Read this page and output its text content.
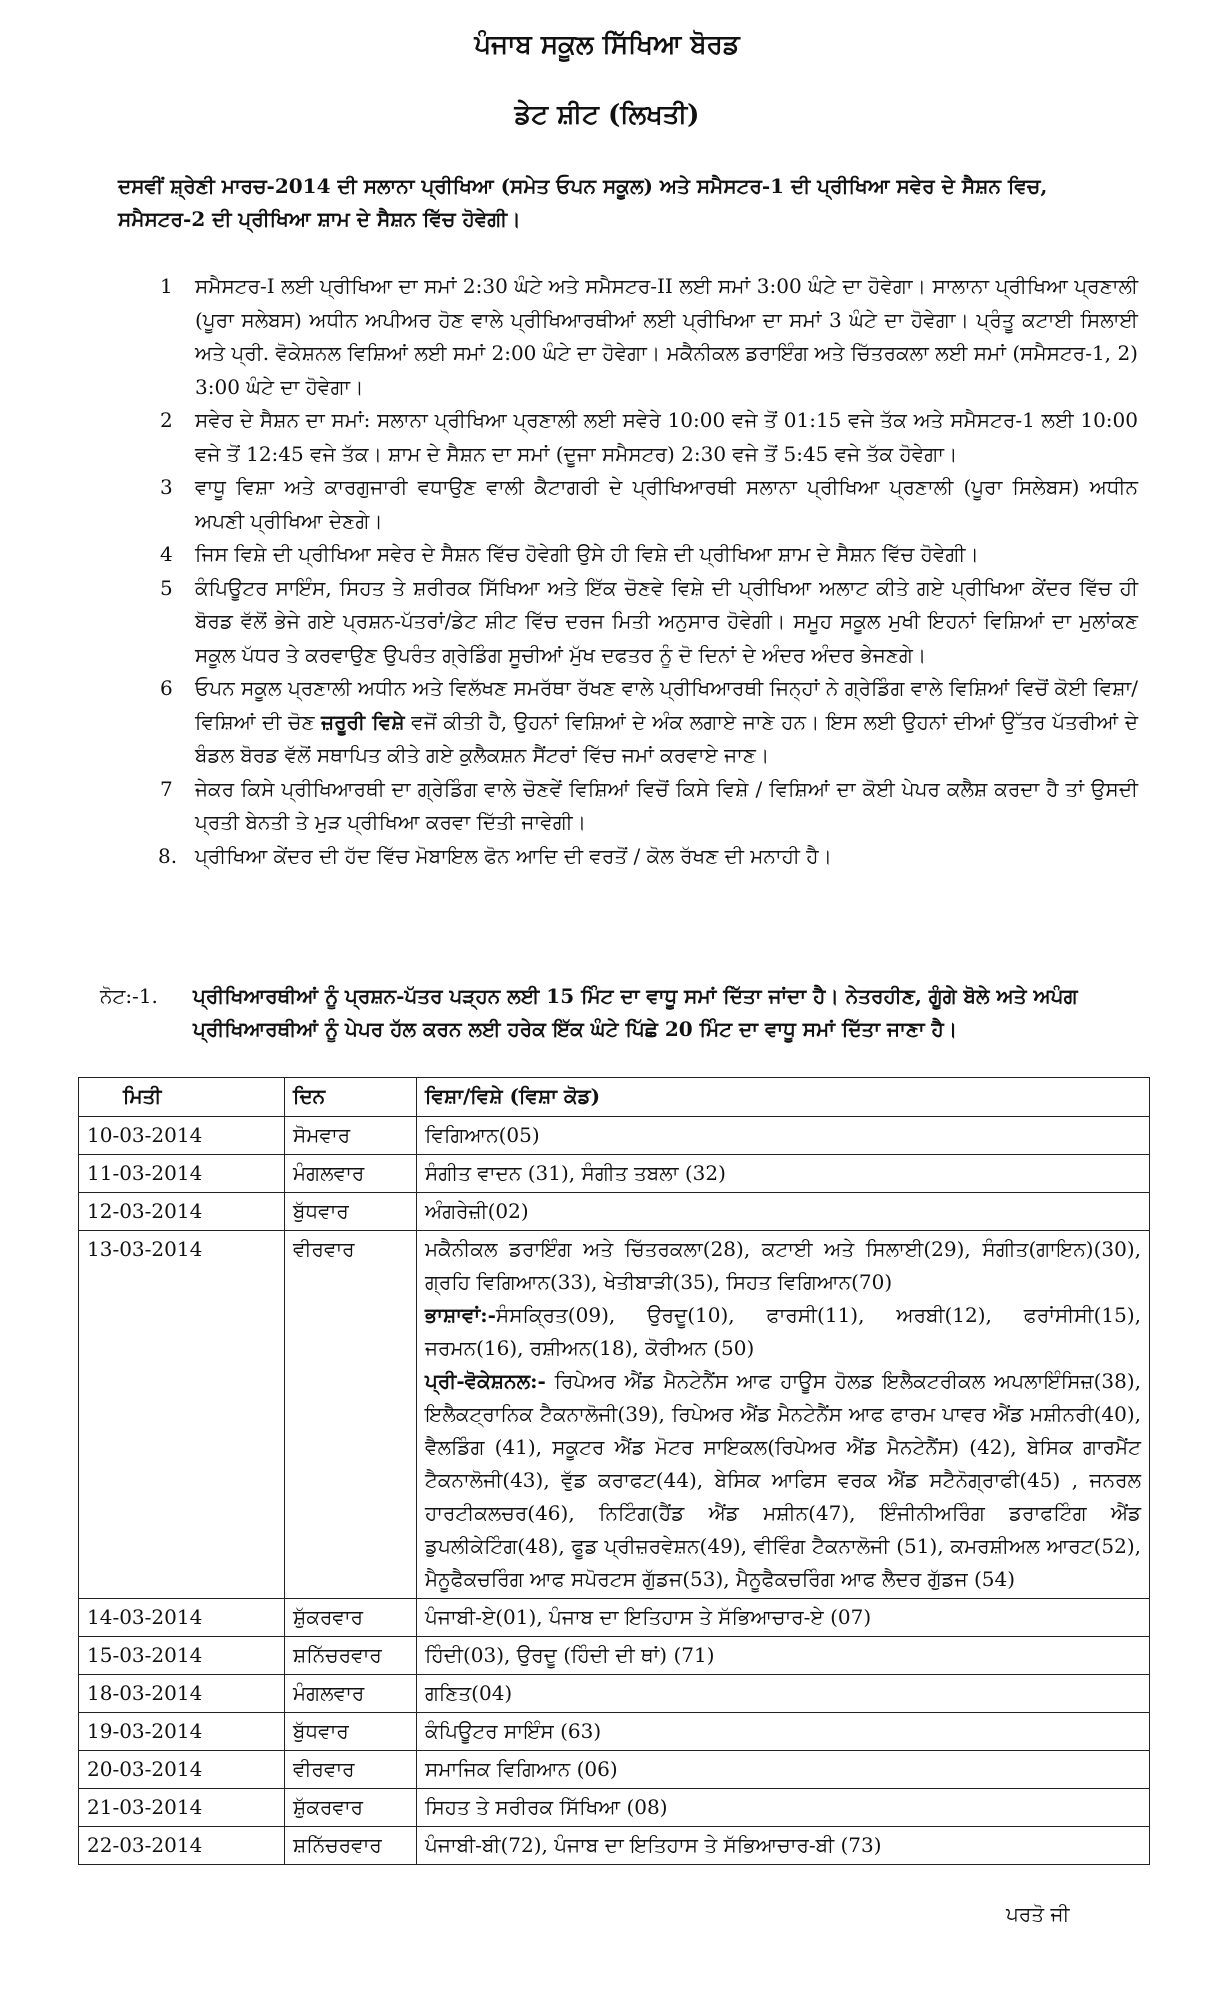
ਪੰਜਾਬ ਸਕੂਲ ਸਿੱਖਿਆ ਬੋਰਡ
ਡੇਟ ਸ਼ੀਟ (ਲਿਖਤੀ)
ਦਸਵੀਂ ਸ਼੍ਰੇਣੀ ਮਾਰਚ-2014 ਦੀ ਸਲਾਨਾ ਪ੍ਰੀਖਿਆ (ਸਮੇਤ ਓਪਨ ਸਕੂਲ) ਅਤੇ ਸਮੈਸਟਰ-1 ਦੀ ਪ੍ਰੀਖਿਆ ਸਵੇਰ ਦੇ ਸੈਸ਼ਨ ਵਿਚ, ਸਮੈਸਟਰ-2 ਦੀ ਪ੍ਰੀਖਿਆ ਸ਼ਾਮ ਦੇ ਸੈਸ਼ਨ ਵਿੱਚ ਹੋਵੇਗੀ।
1 ਸਮੈਸਟਰ-I ਲਈ ਪ੍ਰੀਖਿਆ ਦਾ ਸਮਾਂ 2:30 ਘੰਟੇ ਅਤੇ ਸਮੈਸਟਰ-II ਲਈ ਸਮਾਂ 3:00 ਘੰਟੇ ਦਾ ਹੋਵੇਗਾ। ਸਾਲਾਨਾ ਪ੍ਰੀਖਿਆ ਪ੍ਰਣਾਲੀ (ਪੂਰਾ ਸਲੇਬਸ) ਅਧੀਨ ਅਪੀਅਰ ਹੋਣ ਵਾਲੇ ਪ੍ਰੀਖਿਆਰਥੀਆਂ ਲਈ ਪ੍ਰੀਖਿਆ ਦਾ ਸਮਾਂ 3 ਘੰਟੇ ਦਾ ਹੋਵੇਗਾ। ਪ੍ਰੰਤੂ ਕਟਾਈ ਸਿਲਾਈ ਅਤੇ ਪ੍ਰੀ. ਵੋਕੇਸ਼ਨਲ ਵਿਸ਼ਿਆਂ ਲਈ ਸਮਾਂ 2:00 ਘੰਟੇ ਦਾ ਹੋਵੇਗਾ। ਮਕੈਨੀਕਲ ਡਰਾਇੰਗ ਅਤੇ ਚਿੱਤਰਕਲਾ ਲਈ ਸਮਾਂ (ਸਮੈਸਟਰ-1, 2) 3:00 ਘੰਟੇ ਦਾ ਹੋਵੇਗਾ।
2 ਸਵੇਰ ਦੇ ਸੈਸ਼ਨ ਦਾ ਸਮਾਂ: ਸਲਾਨਾ ਪ੍ਰੀਖਿਆ ਪ੍ਰਣਾਲੀ ਲਈ ਸਵੇਰੇ 10:00 ਵਜੇ ਤੋਂ 01:15 ਵਜੇ ਤੱਕ ਅਤੇ ਸਮੈਸਟਰ-1 ਲਈ 10:00 ਵਜੇ ਤੋਂ 12:45 ਵਜੇ ਤੱਕ। ਸ਼ਾਮ ਦੇ ਸੈਸ਼ਨ ਦਾ ਸਮਾਂ (ਦੂਜਾ ਸਮੈਸਟਰ) 2:30 ਵਜੇ ਤੋਂ 5:45 ਵਜੇ ਤੱਕ ਹੋਵੇਗਾ।
3 ਵਾਧੂ ਵਿਸ਼ਾ ਅਤੇ ਕਾਰਗੁਜਾਰੀ ਵਧਾਉਣ ਵਾਲੀ ਕੈਟਾਗਰੀ ਦੇ ਪ੍ਰੀਖਿਆਰਥੀ ਸਲਾਨਾ ਪ੍ਰੀਖਿਆ ਪ੍ਰਣਾਲੀ (ਪੂਰਾ ਸਿਲੇਬਸ) ਅਧੀਨ ਅਪਣੀ ਪ੍ਰੀਖਿਆ ਦੇਣਗੇ।
4 ਜਿਸ ਵਿਸ਼ੇ ਦੀ ਪ੍ਰੀਖਿਆ ਸਵੇਰ ਦੇ ਸੈਸ਼ਨ ਵਿੱਚ ਹੋਵੇਗੀ ਉਸੇ ਹੀ ਵਿਸ਼ੇ ਦੀ ਪ੍ਰੀਖਿਆ ਸ਼ਾਮ ਦੇ ਸੈਸ਼ਨ ਵਿੱਚ ਹੋਵੇਗੀ।
5 ਕੰਪਿਊਟਰ ਸਾਇੰਸ, ਸਿਹਤ ਤੇ ਸ਼ਰੀਰਕ ਸਿੱਖਿਆ ਅਤੇ ਇੱਕ ਚੋਣਵੇ ਵਿਸ਼ੇ ਦੀ ਪ੍ਰੀਖਿਆ ਅਲਾਟ ਕੀਤੇ ਗਏ ਪ੍ਰੀਖਿਆ ਕੇਂਦਰ ਵਿੱਚ ਹੀ ਬੋਰਡ ਵੱਲੋਂ ਭੇਜੇ ਗਏ ਪ੍ਰਸ਼ਨ-ਪੱਤਰਾਂ/ਡੇਟ ਸ਼ੀਟ ਵਿੱਚ ਦਰਜ ਮਿਤੀ ਅਨੁਸਾਰ ਹੋਵੇਗੀ। ਸਮੂਹ ਸਕੂਲ ਮੁਖੀ ਇਹਨਾਂ ਵਿਸ਼ਿਆਂ ਦਾ ਮੁਲਾਂਕਣ ਸਕੂਲ ਪੱਧਰ ਤੇ ਕਰਵਾਉਣ ਉਪਰੰਤ ਗ੍ਰੇਡਿੰਗ ਸੂਚੀਆਂ ਮੁੱਖ ਦਫਤਰ ਨੂੰ ਦੋ ਦਿਨਾਂ ਦੇ ਅੰਦਰ ਅੰਦਰ ਭੇਜਣਗੇ।
6 ਓਪਨ ਸਕੂਲ ਪ੍ਰਣਾਲੀ ਅਧੀਨ ਅਤੇ ਵਿਲੱਖਣ ਸਮਰੱਥਾ ਰੱਖਣ ਵਾਲੇ ਪ੍ਰੀਖਿਆਰਥੀ ਜਿਨ੍ਹਾਂ ਨੇ ਗ੍ਰੇਡਿੰਗ ਵਾਲੇ ਵਿਸ਼ਿਆਂ ਵਿਚੋਂ ਕੋਈ ਵਿਸ਼ਾ/ਵਿਸ਼ਿਆਂ ਦੀ ਚੋਣ ਜ਼ਰੂਰੀ ਵਿਸ਼ੇ ਵਜੋਂ ਕੀਤੀ ਹੈ, ਉਹਨਾਂ ਵਿਸ਼ਿਆਂ ਦੇ ਅੰਕ ਲਗਾਏ ਜਾਣੇ ਹਨ। ਇਸ ਲਈ ਉਹਨਾਂ ਦੀਆਂ ਉੱਤਰ ਪੱਤਰੀਆਂ ਦੇ ਬੰਡਲ ਬੋਰਡ ਵੱਲੋਂ ਸਥਾਪਿਤ ਕੀਤੇ ਗਏ ਕੁਲੈਕਸ਼ਨ ਸੈਂਟਰਾਂ ਵਿੱਚ ਜਮਾਂ ਕਰਵਾਏ ਜਾਣ।
7 ਜੇਕਰ ਕਿਸੇ ਪ੍ਰੀਖਿਆਰਥੀ ਦਾ ਗ੍ਰੇਡਿੰਗ ਵਾਲੇ ਚੋਣਵੇਂ ਵਿਸ਼ਿਆਂ ਵਿਚੋਂ ਕਿਸੇ ਵਿਸ਼ੇ / ਵਿਸ਼ਿਆਂ ਦਾ ਕੋਈ ਪੇਪਰ ਕਲੈਸ਼ ਕਰਦਾ ਹੈ ਤਾਂ ਉਸਦੀ ਪ੍ਰਤੀ ਬੇਨਤੀ ਤੇ ਮੁੜ ਪ੍ਰੀਖਿਆ ਕਰਵਾ ਦਿੱਤੀ ਜਾਵੇਗੀ।
8. ਪ੍ਰੀਖਿਆ ਕੇਂਦਰ ਦੀ ਹੱਦ ਵਿੱਚ ਮੋਬਾਇਲ ਫੋਨ ਆਦਿ ਦੀ ਵਰਤੋਂ / ਕੋਲ ਰੱਖਣ ਦੀ ਮਨਾਹੀ ਹੈ।
ਨੋਟ:-1.	ਪ੍ਰੀਖਿਆਰਥੀਆਂ ਨੂੰ ਪ੍ਰਸ਼ਨ-ਪੱਤਰ ਪੜ੍ਹਨ ਲਈ 15 ਮਿੰਟ ਦਾ ਵਾਧੂ ਸਮਾਂ ਦਿੱਤਾ ਜਾਂਦਾ ਹੈ। ਨੇਤਰਹੀਣ, ਗੂੰਗੇ ਬੋਲੇ ਅਤੇ ਅਪੰਗ ਪ੍ਰੀਖਿਆਰਥੀਆਂ ਨੂੰ ਪੇਪਰ ਹੱਲ ਕਰਨ ਲਈ ਹਰੇਕ ਇੱਕ ਘੰਟੇ ਪਿੱਛੇ 20 ਮਿੰਟ ਦਾ ਵਾਧੂ ਸਮਾਂ ਦਿੱਤਾ ਜਾਣਾ ਹੈ।
ਮਿਤੀ	ਦਿਨ	ਵਿਸ਼ਾ/ਵਿਸ਼ੇ (ਵਿਸ਼ਾ ਕੋਡ)
10-03-2014	ਸੋਮਵਾਰ	ਵਿਗਿਆਨ(05)
11-03-2014	ਮੰਗਲਵਾਰ	ਸੰਗੀਤ ਵਾਦਨ (31), ਸੰਗੀਤ ਤਬਲਾ (32)
12-03-2014	ਬੁੱਧਵਾਰ	ਅੰਗਰੇਜ਼ੀ(02)
13-03-2014	ਵੀਰਵਾਰ	ਮਕੈਨੀਕਲ ਡਰਾਇੰਗ ਅਤੇ ਚਿੱਤਰਕਲਾ(28), ਕਟਾਈ ਅਤੇ ਸਿਲਾਈ(29), ਸੰਗੀਤ(ਗਾਇਨ)(30), ਗ੍ਰਹਿ ਵਿਗਿਆਨ(33), ਖੇਤੀਬਾੜੀ(35), ਸਿਹਤ ਵਿਗਿਆਨ(70)
ਭਾਸ਼ਾਵਾਂ:-ਸੰਸਕ੍ਰਿਤ(09), ਉਰਦੂ(10), ਫਾਰਸੀ(11), ਅਰਬੀ(12), ਫਰਾਂਸੀਸੀ(15), ਜਰਮਨ(16), ਰਸ਼ੀਅਨ(18), ਕੋਰੀਅਨ (50)
ਪ੍ਰੀ-ਵੋਕੇਸ਼ਨਲ:- ਰਿਪੇਅਰ ਐਂਡ ਮੈਨਟੇਨੈਂਸ ਆਫ ਹਾਊਸ ਹੋਲਡ ਇਲੈਕਟਰੀਕਲ ਅਪਲਾਇੰਸਿਜ਼(38), ਇਲੈਕਟ੍ਰਾਨਿਕ ਟੈਕਨਾਲੋਜੀ(39), ਰਿਪੇਅਰ ਐਂਡ ਮੈਨਟੇਨੈਂਸ ਆਫ ਫਾਰਮ ਪਾਵਰ ਐਂਡ ਮਸ਼ੀਨਰੀ(40), ਵੈਲਡਿੰਗ (41), ਸਕੂਟਰ ਐਂਡ ਮੋਟਰ ਸਾਇਕਲ(ਰਿਪੇਅਰ ਐਂਡ ਮੈਨਟੇਨੈਂਸ) (42), ਬੇਸਿਕ ਗਾਰਮੈਂਟ ਟੈਕਨਾਲੋਜੀ(43), ਵੁੱਡ ਕਰਾਫਟ(44), ਬੇਸਿਕ ਆਫਿਸ ਵਰਕ ਐਂਡ ਸਟੈਨੋਗ੍ਰਾਫੀ(45) , ਜਨਰਲ ਹਾਰਟੀਕਲਚਰ(46), ਨਿਟਿੰਗ(ਹੈਂਡ ਐਂਡ ਮਸ਼ੀਨ(47), ਇੰਜੀਨੀਅਰਿੰਗ ਡਰਾਫਟਿੰਗ ਐਂਡ ਡੁਪਲੀਕੇਟਿੰਗ(48), ਫੂਡ ਪ੍ਰੀਜ਼ਰਵੇਸ਼ਨ(49), ਵੀਵਿੰਗ ਟੈਕਨਾਲੋਜੀ (51), ਕਮਰਸ਼ੀਅਲ ਆਰਟ(52), ਮੈਨੂਫੈਕਚਰਿੰਗ ਆਫ ਸਪੋਰਟਸ ਗੁੱਡਜ(53), ਮੈਨੂਫੈਕਚਰਿੰਗ ਆਫ ਲੈਦਰ ਗੁੱਡਜ (54)

14-03-2014	ਸ਼ੁੱਕਰਵਾਰ	ਪੰਜਾਬੀ-ਏ(01), ਪੰਜਾਬ ਦਾ ਇਤਿਹਾਸ ਤੇ ਸੱਭਿਆਚਾਰ-ਏ (07)
15-03-2014	ਸ਼ਨਿੱਚਰਵਾਰ	ਹਿੰਦੀ(03), ਉਰਦੂ (ਹਿੰਦੀ ਦੀ ਥਾਂ) (71)
18-03-2014	ਮੰਗਲਵਾਰ	ਗਣਿਤ(04)
19-03-2014	ਬੁੱਧਵਾਰ	ਕੰਪਿਊਟਰ ਸਾਇੰਸ (63)
20-03-2014	ਵੀਰਵਾਰ	ਸਮਾਜਿਕ ਵਿਗਿਆਨ (06)
21-03-2014	ਸ਼ੁੱਕਰਵਾਰ	ਸਿਹਤ ਤੇ ਸਰੀਰਕ ਸਿੱਖਿਆ (08)
22-03-2014	ਸ਼ਨਿੱਚਰਵਾਰ	ਪੰਜਾਬੀ-ਬੀ(72), ਪੰਜਾਬ ਦਾ ਇਤਿਹਾਸ ਤੇ ਸੱਭਿਆਚਾਰ-ਬੀ (73)
ਪਰਤੋ ਜੀ
